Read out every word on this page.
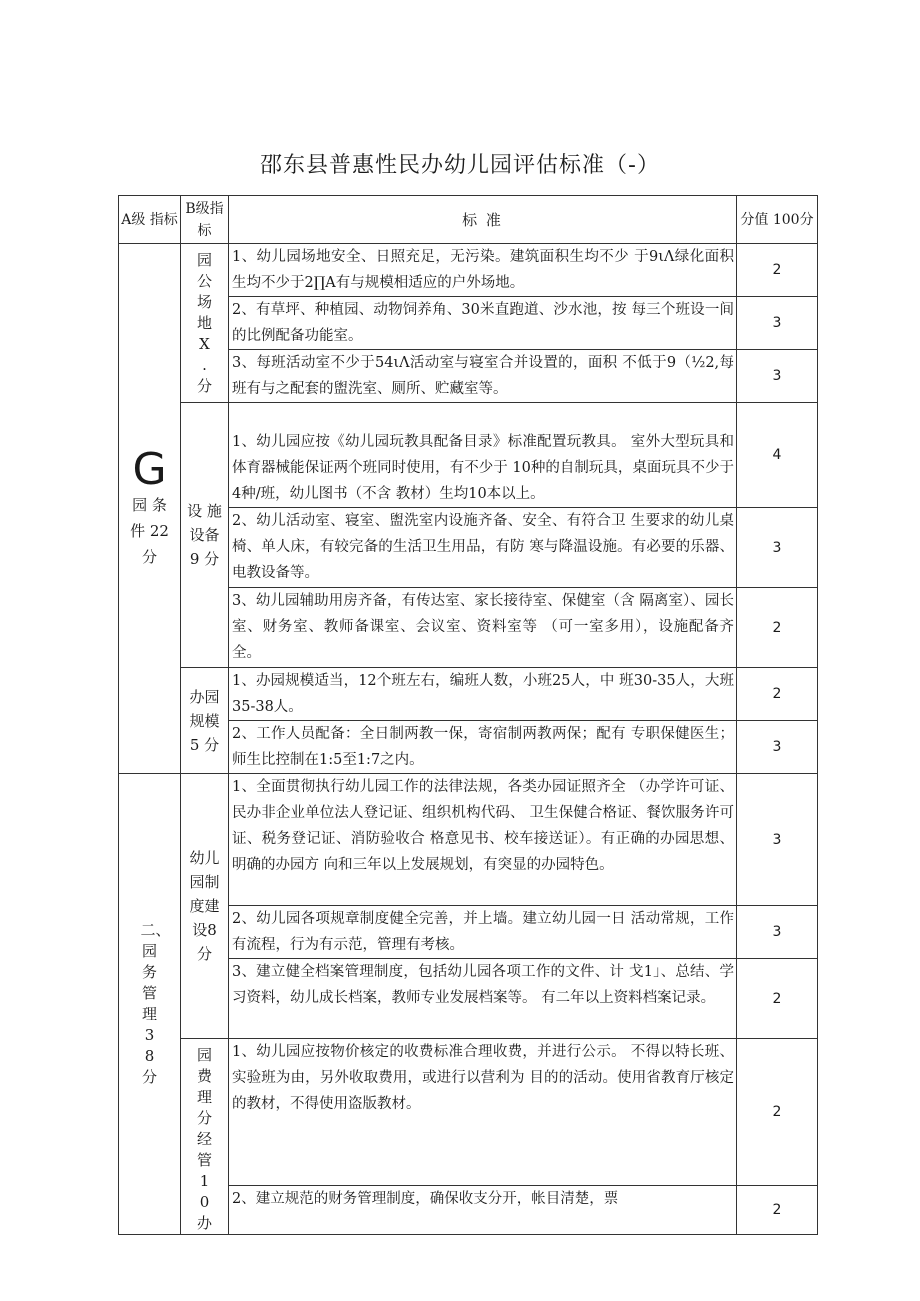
邵东县普惠性民办幼儿园评估标准（-）
A级 指标	B级指标	标 准	分值 100分

G
园 条件 22分	园公场地X .分	1、幼儿园场地安全、日照充足，无污染。建筑面积生均不少 于9ιΛ绿化面积生均不少于2∏A有与规模相适应的户外场地。	2
		2、有草坪、种植园、动物饲养角、30米直跑道、沙水池，按 每三个班设一间的比例配备功能室。	3
		3、每班活动室不少于54ιΛ活动室与寝室合并设置的，面积 不低于9（½2,每班有与之配套的盥洗室、厕所、贮藏室等。	3

	设 施设备9 分	1、幼儿园应按《幼儿园玩教具配备目录》标准配置玩教具。 室外大型玩具和体育器械能保证两个班同时使用，有不少于 10种的自制玩具，桌面玩具不少于4种/班，幼儿图书（不含 教材）生均10本以上。	4
		2、幼儿活动室、寝室、盥洗室内设施齐备、安全、有符合卫 生要求的幼儿桌椅、单人床，有较完备的生活卫生用品，有防 寒与降温设施。有必要的乐器、电教设备等。	3
		3、幼儿园辅助用房齐备，有传达室、家长接待室、保健室（含 隔离室）、园长室、财务室、教师备课室、会议室、资料室等 （可一室多用），设施配备齐全。	2

	办园规模5 分	1、办园规模适当，12个班左右，编班人数，小班25人，中 班30-35人，大班35-38人。	2
		2、工作人员配备：全日制两教一保，寄宿制两教两保；配有 专职保健医生；师生比控制在1:5至1:7之内。	3
二、园务管理38分	幼儿园制度建设8 分	1、全面贯彻执行幼儿园工作的法律法规，各类办园证照齐全 （办学许可证、民办非企业单位法人登记证、组织机构代码、 卫生保健合格证、餐饮服务许可证、税务登记证、消防验收合 格意见书、校车接送证）。有正确的办园思想、明确的办园方 向和三年以上发展规划，有突显的办园特色。	3
		2、幼儿园各项规章制度健全完善，并上墙。建立幼儿园一日 活动常规，工作有流程，行为有示范，管理有考核。	3
		3、建立健全档案管理制度，包括幼儿园各项工作的文件、计 戈1」、总结、学习资料，幼儿成长档案，教师专业发展档案等。 有二年以上资料档案记录。	2
	园费理分经管10办	1、幼儿园应按物价核定的收费标准合理收费，并进行公示。 不得以特长班、实验班为由，另外收取费用，或进行以营利为 目的的活动。使用省教育厅核定的教材，不得使用盗版教材。	2
		2、建立规范的财务管理制度，确保收支分开，帐目清楚，票	2
